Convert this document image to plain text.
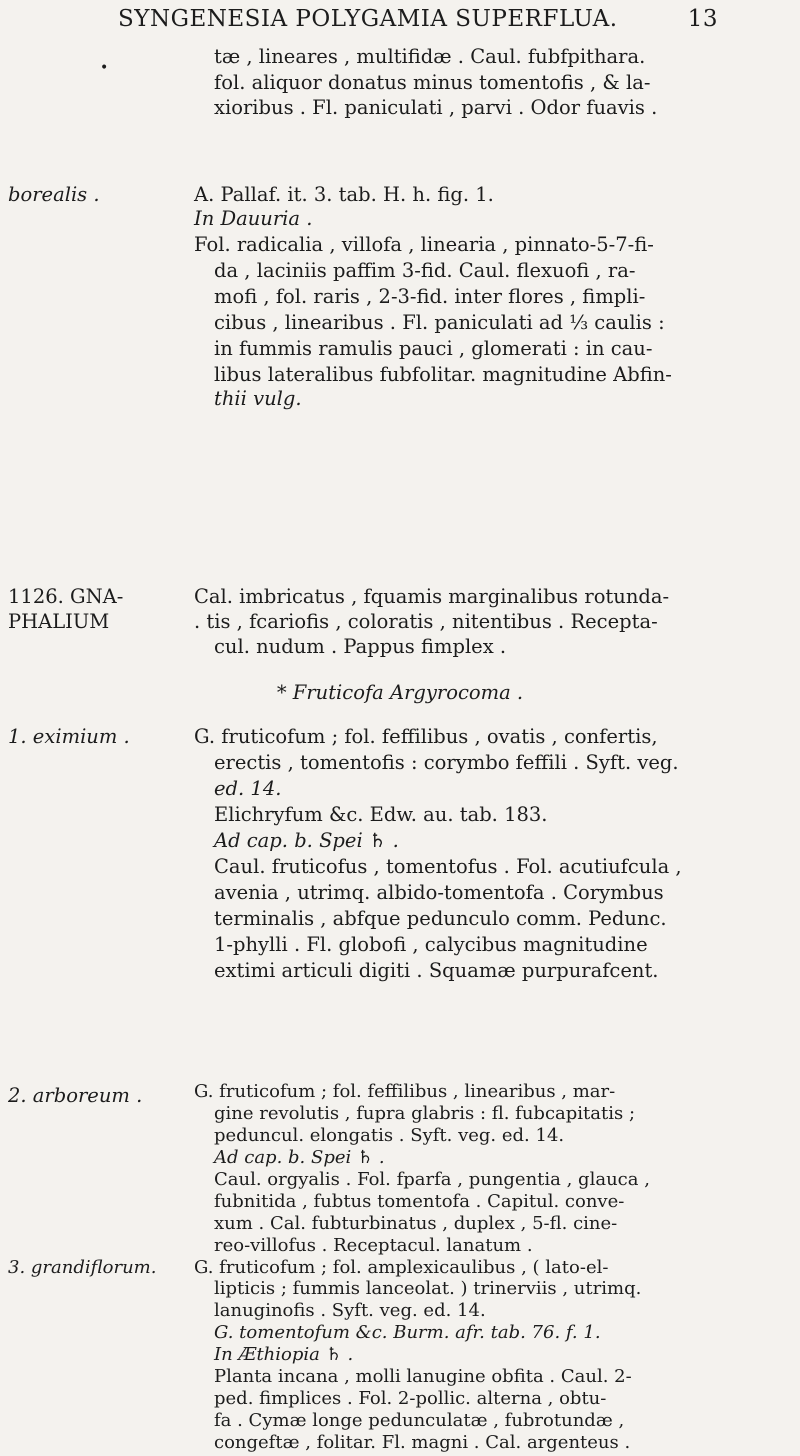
SYNGENESIA POLYGAMIA SUPERFLUA.	13
•
borealis .
1126. GNA-
PHALIUM
1. eximium .
2. arboreum .
3. grandiflorum.
tæ , lineares , multifidæ . Caul. fubfpithara.
fol. aliquor donatus minus tomentofis , & la-
xioribus . Fl. paniculati , parvi . Odor fuavis .
A. Pallaf. it. 3. tab. H. h. fig. 1.
In Dauuria .
Fol. radicalia , villofa , linearia , pinnato-5-7-fi-
da , laciniis paffim 3-fid. Caul. flexuofi , ra-
mofi , fol. raris , 2-3-fid. inter flores , fimpli-
cibus , linearibus . Fl. paniculati ad ⅓ caulis :
in fummis ramulis pauci , glomerati : in cau-
libus lateralibus fubfolitar. magnitudine Abfin-
thii vulg.
Cal. imbricatus , fquamis marginalibus rotunda-
. tis , fcariofis , coloratis , nitentibus . Recepta-
cul. nudum . Pappus fimplex .
* Fruticofa Argyrocoma .
G. fruticofum ; fol. feffilibus , ovatis , confertis,
erectis , tomentofis : corymbo feffili . Syft. veg.
ed. 14.
Elichryfum &c. Edw. au. tab. 183.
Ad cap. b. Spei ♄ .
Caul. fruticofus , tomentofus . Fol. acutiufcula ,
avenia , utrimq. albido-tomentofa . Corymbus
terminalis , abfque pedunculo comm. Pedunc.
1-phylli . Fl. globofi , calycibus magnitudine
extimi articuli digiti . Squamæ purpurafcent.
G. fruticofum ; fol. feffilibus , linearibus , mar-
gine revolutis , fupra glabris : fl. fubcapitatis ;
peduncul. elongatis . Syft. veg. ed. 14.
Ad cap. b. Spei ♄ .
Caul. orgyalis . Fol. fparfa , pungentia , glauca ,
fubnitida , fubtus tomentofa . Capitul. conve-
xum . Cal. fubturbinatus , duplex , 5-fl. cine-
reo-villofus . Receptacul. lanatum .
G. fruticofum ; fol. amplexicaulibus , ( lato-el-
lipticis ; fummis lanceolat. ) trinerviis , utrimq.
lanuginofis . Syft. veg. ed. 14.
G. tomentofum &c. Burm. afr. tab. 76. f. 1.
In Æthiopia ♄ .
Planta incana , molli lanugine obfita . Caul. 2-
ped. fimplices . Fol. 2-pollic. alterna , obtu-
fa . Cymæ longe pedunculatæ , fubrotundæ ,
congeftæ , folitar. Fl. magni . Cal. argenteus .
